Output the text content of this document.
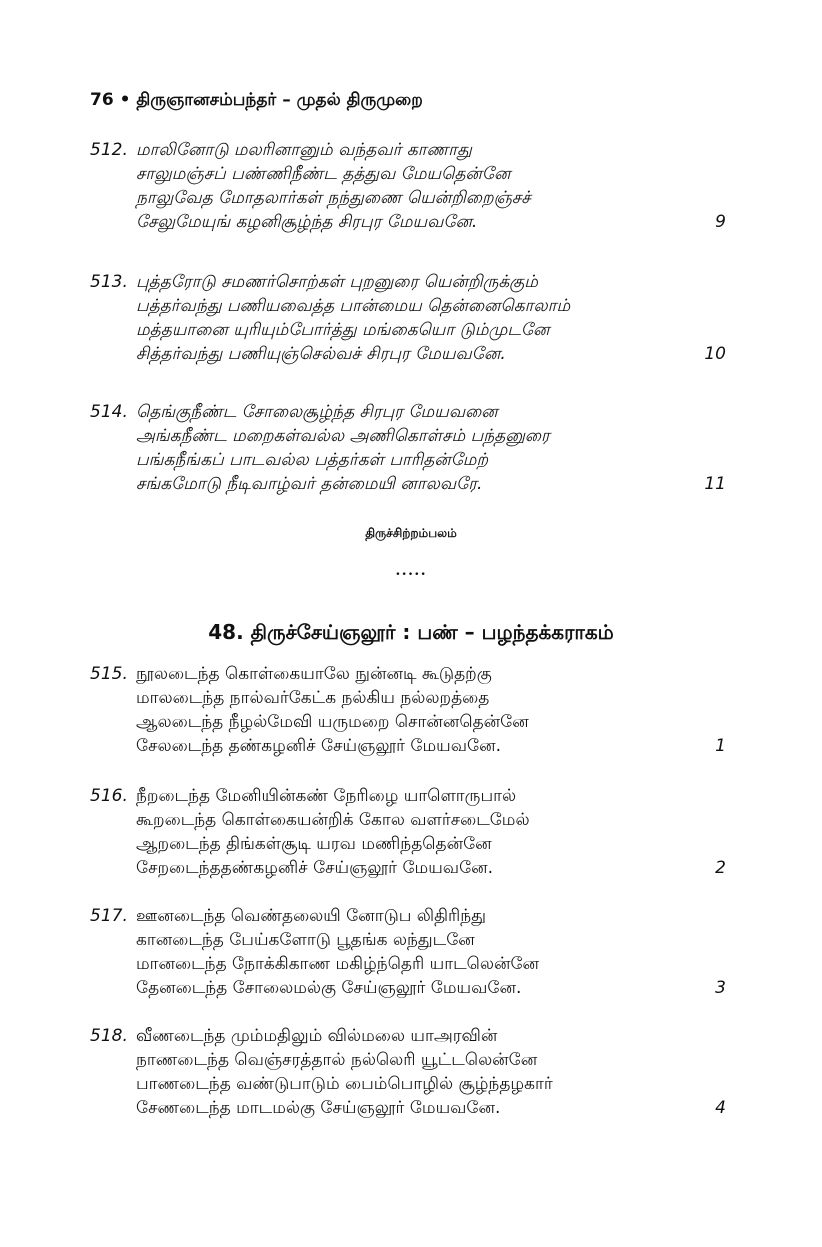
76 • திருஞானசம்பந்தர் – முதல் திருமுறை
512. மாலினோடு மலரினானும் வந்தவர் காணாது
சாலுமஞ்சப் பண்ணிநீண்ட தத்துவ மேயதென்னே
நாலுவேத மோதலார்கள் நந்துணை யென்றிறைஞ்சச்
சேலுமேயுங் கழனிசூழ்ந்த சிரபுர மேயவனே.	9
513. புத்தரோடு சமணர்சொற்கள் புறனுரை யென்றிருக்கும்
பத்தர்வந்து பணியவைத்த பான்மைய தென்னைகொலாம்
மத்தயானை யுரியும்போர்த்து மங்கையொ டும்முடனே
சித்தர்வந்து பணியுஞ்செல்வச் சிரபுர மேயவனே.	10
514. தெங்குநீண்ட சோலைசூழ்ந்த சிரபுர மேயவனை
அங்கநீண்ட மறைகள்வல்ல அணிகொள்சம் பந்தனுரை
பங்கநீங்கப் பாடவல்ல பத்தர்கள் பாரிதன்மேற்
சங்கமோடு நீடிவாழ்வர் தன்மையி னாலவரே.	11
திருச்சிற்றம்பலம்
•••••
48. திருச்சேய்ஞலூர் : பண் – பழந்தக்கராகம்
515. நூலடைந்த கொள்கையாலே நுன்னடி கூடுதற்கு
மாலடைந்த நால்வர்கேட்க நல்கிய நல்லறத்தை
ஆலடைந்த நீழல்மேவி யருமறை சொன்னதென்னே
சேலடைந்த தண்கழனிச் சேய்ஞலூர் மேயவனே.	1
516. நீறடைந்த மேனியின்கண் நேரிழை யாளொருபால்
கூறடைந்த கொள்கையன்றிக் கோல வளர்சடைமேல்
ஆறடைந்த திங்கள்சூடி யரவ மணிந்ததென்னே
சேறடைந்ததண்கழனிச் சேய்ஞலூர் மேயவனே.	2
517. ஊனடைந்த வெண்தலையி னோடுப லிதிரிந்து
கானடைந்த பேய்களோடு பூதங்க லந்துடனே
மானடைந்த நோக்கிகாண மகிழ்ந்தெரி யாடலென்னே
தேனடைந்த சோலைமல்கு சேய்ஞலூர் மேயவனே.	3
518. வீணடைந்த மும்மதிலும் வில்மலை யாஅரவின்
நாணடைந்த வெஞ்சரத்தால் நல்லெரி யூட்டலென்னே
பாணடைந்த வண்டுபாடும் பைம்பொழில் சூழ்ந்தழகார்
சேணடைந்த மாடமல்கு சேய்ஞலூர் மேயவனே.	4
